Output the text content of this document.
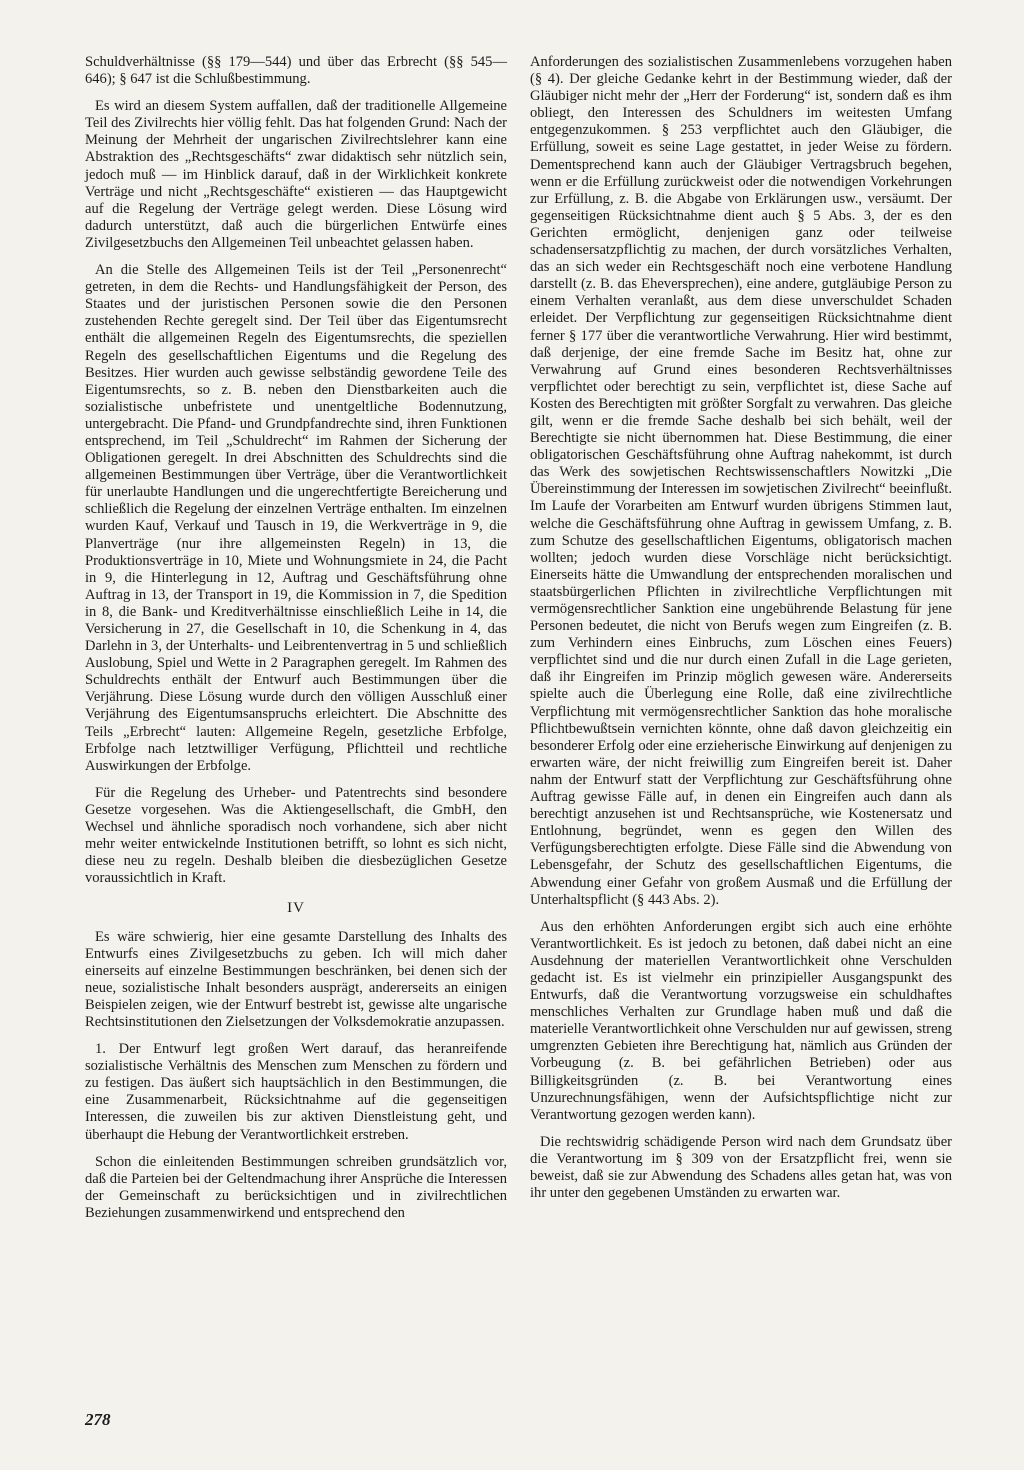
Schuldverhältnisse (§§ 179—544) und über das Erbrecht (§§ 545—646); § 647 ist die Schlußbestimmung.

Es wird an diesem System auffallen, daß der traditionelle Allgemeine Teil des Zivilrechts hier völlig fehlt. Das hat folgenden Grund: Nach der Meinung der Mehrheit der ungarischen Zivilrechtslehrer kann eine Abstraktion des „Rechtsgeschäfts“ zwar didaktisch sehr nützlich sein, jedoch muß — im Hinblick darauf, daß in der Wirklichkeit konkrete Verträge und nicht „Rechtsgeschäfte“ existieren — das Hauptgewicht auf die Regelung der Verträge gelegt werden. Diese Lösung wird dadurch unterstützt, daß auch die bürgerlichen Entwürfe eines Zivilgesetzbuchs den Allgemeinen Teil unbeachtet gelassen haben.

An die Stelle des Allgemeinen Teils ist der Teil „Personenrecht“ getreten, in dem die Rechts- und Handlungsfähigkeit der Person, des Staates und der juristischen Personen sowie die den Personen zustehenden Rechte geregelt sind. Der Teil über das Eigentumsrecht enthält die allgemeinen Regeln des Eigentumsrechts, die speziellen Regeln des gesellschaftlichen Eigentums und die Regelung des Besitzes. Hier wurden auch gewisse selbständig gewordene Teile des Eigentumsrechts, so z. B. neben den Dienstbarkeiten auch die sozialistische unbefristete und unentgeltliche Bodennutzung, untergebracht. Die Pfand- und Grundpfandrechte sind, ihren Funktionen entsprechend, im Teil „Schuldrecht“ im Rahmen der Sicherung der Obligationen geregelt. In drei Abschnitten des Schuldrechts sind die allgemeinen Bestimmungen über Verträge, über die Verantwortlichkeit für unerlaubte Handlungen und die ungerechtfertigte Bereicherung und schließlich die Regelung der einzelnen Verträge enthalten. Im einzelnen wurden Kauf, Verkauf und Tausch in 19, die Werkverträge in 9, die Planverträge (nur ihre allgemeinsten Regeln) in 13, die Produktionsverträge in 10, Miete und Wohnungsmiete in 24, die Pacht in 9, die Hinterlegung in 12, Auftrag und Geschäftsführung ohne Auftrag in 13, der Transport in 19, die Kommission in 7, die Spedition in 8, die Bank- und Kreditverhältnisse einschließlich Leihe in 14, die Versicherung in 27, die Gesellschaft in 10, die Schenkung in 4, das Darlehn in 3, der Unterhalts- und Leibrentenvertrag in 5 und schließlich Auslobung, Spiel und Wette in 2 Paragraphen geregelt. Im Rahmen des Schuldrechts enthält der Entwurf auch Bestimmungen über die Verjährung. Diese Lösung wurde durch den völligen Ausschluß einer Verjährung des Eigentumsanspruchs erleichtert. Die Abschnitte des Teils „Erbrecht“ lauten: Allgemeine Regeln, gesetzliche Erbfolge, Erbfolge nach letztwilliger Verfügung, Pflichtteil und rechtliche Auswirkungen der Erbfolge.

Für die Regelung des Urheber- und Patentrechts sind besondere Gesetze vorgesehen. Was die Aktiengesellschaft, die GmbH, den Wechsel und ähnliche sporadisch noch vorhandene, sich aber nicht mehr weiter entwickelnde Institutionen betrifft, so lohnt es sich nicht, diese neu zu regeln. Deshalb bleiben die diesbezüglichen Gesetze voraussichtlich in Kraft.

IV

Es wäre schwierig, hier eine gesamte Darstellung des Inhalts des Entwurfs eines Zivilgesetzbuchs zu geben. Ich will mich daher einerseits auf einzelne Bestimmungen beschränken, bei denen sich der neue, sozialistische Inhalt besonders ausprägt, andererseits an einigen Beispielen zeigen, wie der Entwurf bestrebt ist, gewisse alte ungarische Rechtsinstitutionen den Zielsetzungen der Volksdemokratie anzupassen.

1. Der Entwurf legt großen Wert darauf, das heranreifende sozialistische Verhältnis des Menschen zum Menschen zu fördern und zu festigen. Das äußert sich hauptsächlich in den Bestimmungen, die eine Zusammenarbeit, Rücksichtnahme auf die gegenseitigen Interessen, die zuweilen bis zur aktiven Dienstleistung geht, und überhaupt die Hebung der Verantwortlichkeit erstreben.

Schon die einleitenden Bestimmungen schreiben grundsätzlich vor, daß die Parteien bei der Geltendmachung ihrer Ansprüche die Interessen der Gemeinschaft zu berücksichtigen und in zivilrechtlichen Beziehungen zusammenwirkend und entsprechend den

Anforderungen des sozialistischen Zusammenlebens vorzugehen haben (§ 4). Der gleiche Gedanke kehrt in der Bestimmung wieder, daß der Gläubiger nicht mehr der „Herr der Forderung“ ist, sondern daß es ihm obliegt, den Interessen des Schuldners im weitesten Umfang entgegenzukommen. § 253 verpflichtet auch den Gläubiger, die Erfüllung, soweit es seine Lage gestattet, in jeder Weise zu fördern. Dementsprechend kann auch der Gläubiger Vertragsbruch begehen, wenn er die Erfüllung zurückweist oder die notwendigen Vorkehrungen zur Erfüllung, z. B. die Abgabe von Erklärungen usw., versäumt. Der gegenseitigen Rücksichtnahme dient auch § 5 Abs. 3, der es den Gerichten ermöglicht, denjenigen ganz oder teilweise schadensersatzpflichtig zu machen, der durch vorsätzliches Verhalten, das an sich weder ein Rechtsgeschäft noch eine verbotene Handlung darstellt (z. B. das Eheversprechen), eine andere, gutgläubige Person zu einem Verhalten veranlaßt, aus dem diese unverschuldet Schaden erleidet. Der Verpflichtung zur gegenseitigen Rücksichtnahme dient ferner § 177 über die verantwortliche Verwahrung. Hier wird bestimmt, daß derjenige, der eine fremde Sache im Besitz hat, ohne zur Verwahrung auf Grund eines besonderen Rechtsverhältnisses verpflichtet oder berechtigt zu sein, verpflichtet ist, diese Sache auf Kosten des Berechtigten mit größter Sorgfalt zu verwahren. Das gleiche gilt, wenn er die fremde Sache deshalb bei sich behält, weil der Berechtigte sie nicht übernommen hat. Diese Bestimmung, die einer obligatorischen Geschäftsführung ohne Auftrag nahekommt, ist durch das Werk des sowjetischen Rechtswissenschaftlers Nowitzki „Die Übereinstimmung der Interessen im sowjetischen Zivilrecht“ beeinflußt. Im Laufe der Vorarbeiten am Entwurf wurden übrigens Stimmen laut, welche die Geschäftsführung ohne Auftrag in gewissem Umfang, z. B. zum Schutze des gesellschaftlichen Eigentums, obligatorisch machen wollten; jedoch wurden diese Vorschläge nicht berücksichtigt. Einerseits hätte die Umwandlung der entsprechenden moralischen und staatsbürgerlichen Pflichten in zivilrechtliche Verpflichtungen mit vermögensrechtlicher Sanktion eine ungebührende Belastung für jene Personen bedeutet, die nicht von Berufs wegen zum Eingreifen (z. B. zum Verhindern eines Einbruchs, zum Löschen eines Feuers) verpflichtet sind und die nur durch einen Zufall in die Lage gerieten, daß ihr Eingreifen im Prinzip möglich gewesen wäre. Andererseits spielte auch die Überlegung eine Rolle, daß eine zivilrechtliche Verpflichtung mit vermögensrechtlicher Sanktion das hohe moralische Pflichtbewußtsein vernichten könnte, ohne daß davon gleichzeitig ein besonderer Erfolg oder eine erzieherische Einwirkung auf denjenigen zu erwarten wäre, der nicht freiwillig zum Eingreifen bereit ist. Daher nahm der Entwurf statt der Verpflichtung zur Geschäftsführung ohne Auftrag gewisse Fälle auf, in denen ein Eingreifen auch dann als berechtigt anzusehen ist und Rechtsansprüche, wie Kostenersatz und Entlohnung, begründet, wenn es gegen den Willen des Verfügungsberechtigten erfolgte. Diese Fälle sind die Abwendung von Lebensgefahr, der Schutz des gesellschaftlichen Eigentums, die Abwendung einer Gefahr von großem Ausmaß und die Erfüllung der Unterhaltspflicht (§ 443 Abs. 2).

Aus den erhöhten Anforderungen ergibt sich auch eine erhöhte Verantwortlichkeit. Es ist jedoch zu betonen, daß dabei nicht an eine Ausdehnung der materiellen Verantwortlichkeit ohne Verschulden gedacht ist. Es ist vielmehr ein prinzipieller Ausgangspunkt des Entwurfs, daß die Verantwortung vorzugsweise ein schuldhaftes menschliches Verhalten zur Grundlage haben muß und daß die materielle Verantwortlichkeit ohne Verschulden nur auf gewissen, streng umgrenzten Gebieten ihre Berechtigung hat, nämlich aus Gründen der Vorbeugung (z. B. bei gefährlichen Betrieben) oder aus Billigkeitsgründen (z. B. bei Verantwortung eines Unzurechnungsfähigen, wenn der Aufsichtspflichtige nicht zur Verantwortung gezogen werden kann).

Die rechtswidrig schädigende Person wird nach dem Grundsatz über die Verantwortung im § 309 von der Ersatzpflicht frei, wenn sie beweist, daß sie zur Abwendung des Schadens alles getan hat, was von ihr unter den gegebenen Umständen zu erwarten war.

278
